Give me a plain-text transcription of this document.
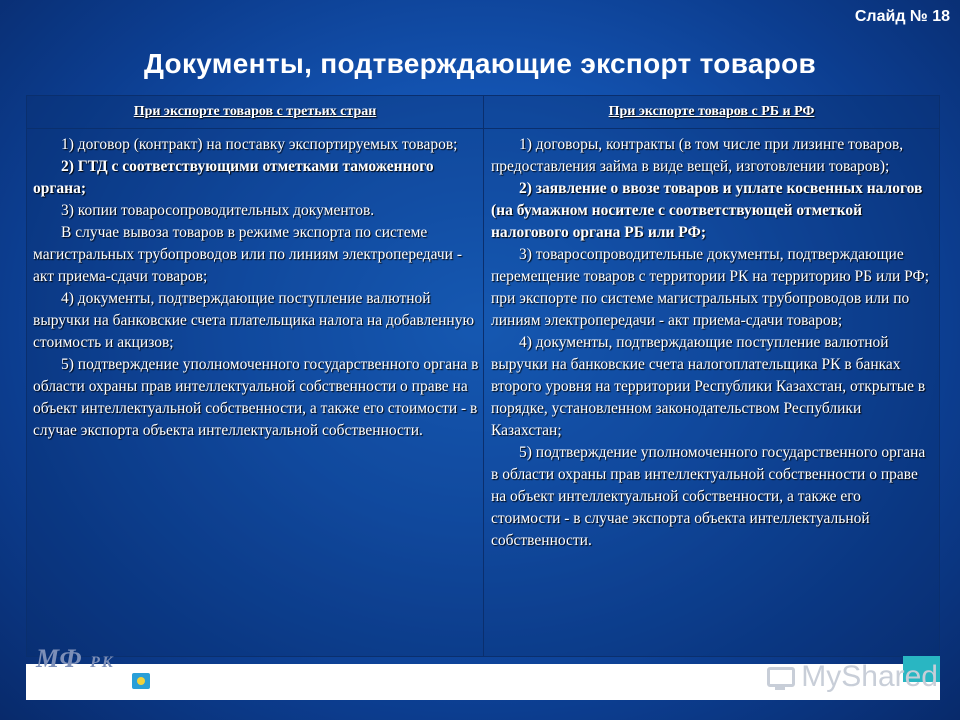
Слайд № 18
Документы, подтверждающие экспорт товаров
При экспорте товаров с третьих стран	При экспорте товаров с РБ и РФ

1) договор (контракт) на поставку экспортируемых товаров;

2) ГТД с соответствующими отметками таможенного органа;

3) копии товаросопроводительных документов.

В случае вывоза товаров в режиме экспорта по системе магистральных трубопроводов или по линиям электропередачи - акт приема-сдачи товаров;

4) документы, подтверждающие поступление валютной выручки на банковские счета плательщика налога на добавленную стоимость и акцизов;

5) подтверждение уполномоченного государственного органа в области охраны прав интеллектуальной собственности о праве на объект интеллектуальной собственности, а также его стоимости - в случае экспорта объекта интеллектуальной собственности.

1) договоры, контракты (в том числе при лизинге товаров, предоставления займа в виде вещей, изготовлении товаров);

2) заявление о ввозе товаров и уплате косвенных налогов (на бумажном носителе с соответствующей отметкой налогового органа РБ или РФ;

3) товаросопроводительные документы, подтверждающие перемещение товаров с территории РК на территорию РБ или РФ; при экспорте по системе магистральных трубопроводов или по линиям электропередачи - акт приема-сдачи товаров;

4) документы, подтверждающие поступление валютной выручки на банковские счета налогоплательщика РК в банках второго уровня на территории Республики Казахстан, открытые в порядке, установленном законодательством Республики Казахстан;

5) подтверждение уполномоченного государственного органа в области охраны прав интеллектуальной собственности о праве на объект интеллектуальной собственности, а также его стоимости - в случае экспорта объекта интеллектуальной собственности.

МФ РК	MyShared
